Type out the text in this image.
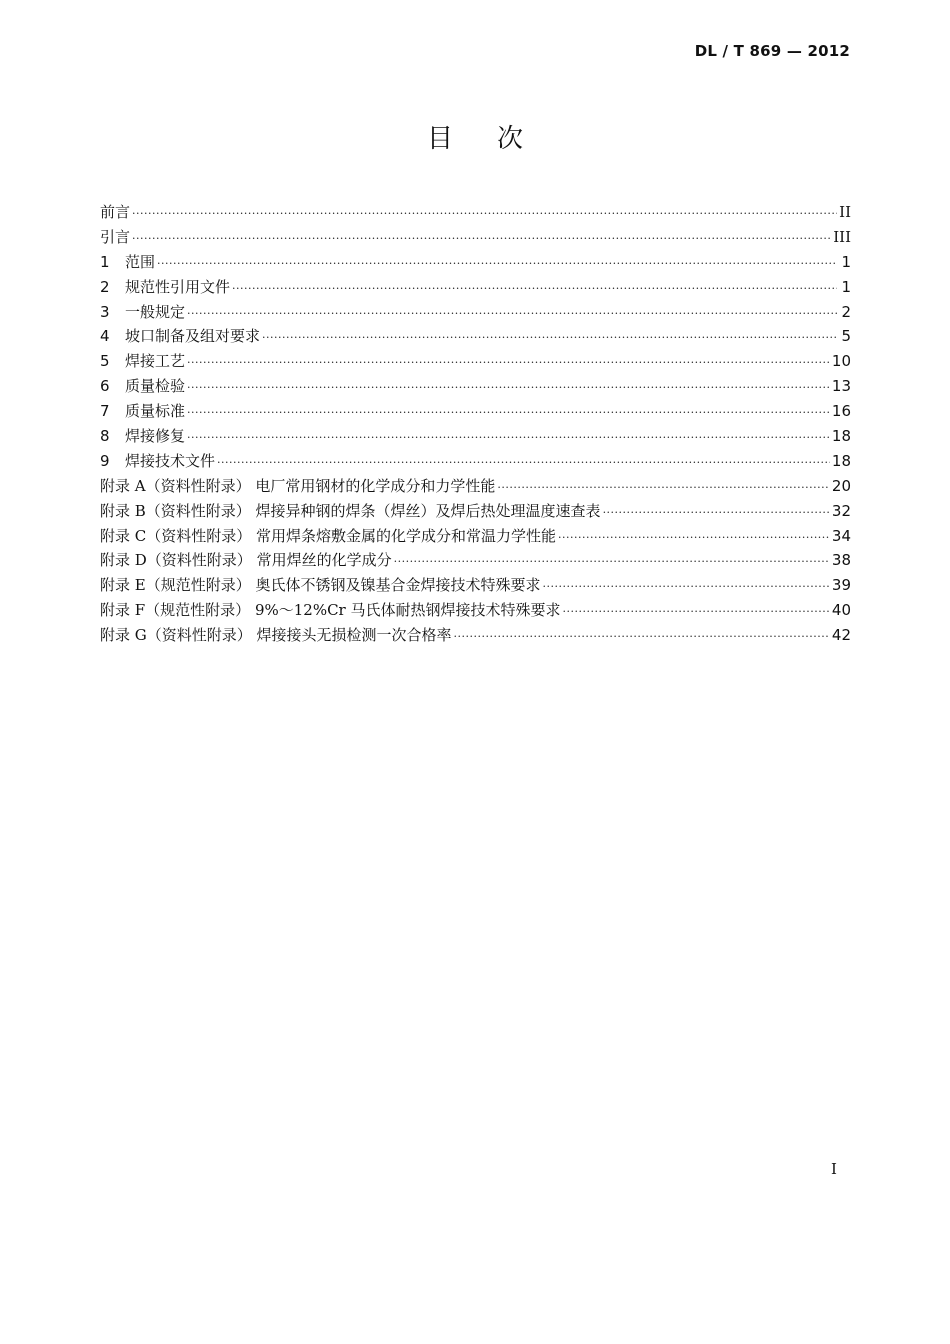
DL / T 869 — 2012
目次
前言 ·····	II
引言 ·····	III
1	范围 ·····	1
2	规范性引用文件 ·····	1
3	一般规定 ·····	2
4	坡口制备及组对要求 ·····	5
5	焊接工艺 ·····	10
6	质量检验 ·····	13
7	质量标准 ·····	16
8	焊接修复 ·····	18
9	焊接技术文件 ·····	18
附录 A（资料性附录） 电厂常用钢材的化学成分和力学性能 ·····	20
附录 B（资料性附录） 焊接异种钢的焊条（焊丝）及焊后热处理温度速查表 ·····	32
附录 C（资料性附录） 常用焊条熔敷金属的化学成分和常温力学性能 ·····	34
附录 D（资料性附录） 常用焊丝的化学成分 ·····	38
附录 E（规范性附录） 奥氏体不锈钢及镍基合金焊接技术特殊要求 ·····	39
附录 F（规范性附录） 9%～12%Cr 马氏体耐热钢焊接技术特殊要求 ·····	40
附录 G（资料性附录） 焊接接头无损检测一次合格率 ·····	42
I
